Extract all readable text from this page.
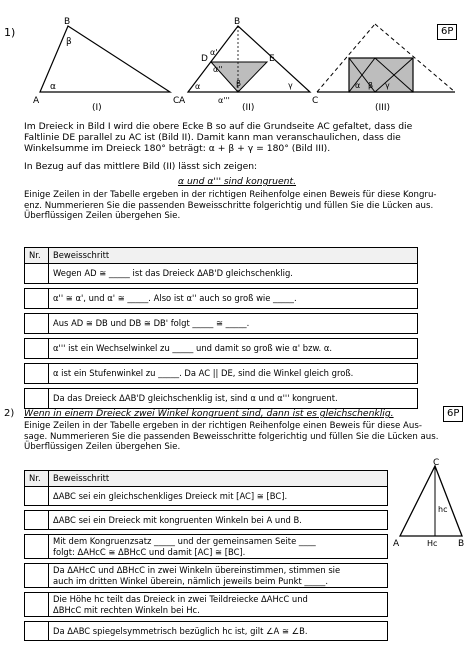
1)	6P
A
B
C
α
β
(I)
A
B
C
D	E
α
α'
α''
α'''
β	γ
(II)
α β γ
(III)
Im Dreieck in Bild I wird die obere Ecke B so auf die Grundseite AC gefaltet, dass die
Faltlinie DE parallel zu AC ist (Bild II). Damit kann man veranschaulichen, dass die
Winkelsumme im Dreieck 180° beträgt: α + β + γ = 180° (Bild III).
In Bezug auf das mittlere Bild (II) lässt sich zeigen:
α und α''' sind kongruent.
Einige Zeilen in der Tabelle ergeben in der richtigen Reihenfolge einen Beweis für diese Kongru-
enz. Nummerieren Sie die passenden Beweisschritte folgerichtig und füllen Sie die Lücken aus.
Überflüssigen Zeilen übergehen Sie.
Nr.	Beweisschritt
	Wegen AD ≅ _____ ist das Dreieck ΔAB'D gleichschenklig.

	α'' ≅ α', und α' ≅ _____. Also ist α'' auch so groß wie _____.

	Aus AD ≅ DB und DB ≅ DB' folgt _____ ≅ _____.

	α''' ist ein Wechselwinkel zu _____ und damit so groß wie α' bzw. α.

	α ist ein Stufenwinkel zu _____. Da AC || DE, sind die Winkel gleich groß.

	Da das Dreieck ΔAB'D gleichschenklig ist, sind α und α''' kongruent.
2) Wenn in einem Dreieck zwei Winkel kongruent sind, dann ist es gleichschenklig.	6P
Einige Zeilen in der Tabelle ergeben in der richtigen Reihenfolge einen Beweis für diese Aus-
sage. Nummerieren Sie die passenden Beweisschritte folgerichtig und füllen Sie die Lücken aus.
Überflüssigen Zeilen übergehen Sie.
Nr.	Beweisschritt
	ΔABC sei ein gleichschenkliges Dreieck mit [AC] ≅ [BC].

	ΔABC sei ein Dreieck mit kongruenten Winkeln bei A und B.

	Mit dem Kongruenzsatz _____ und der gemeinsamen Seite ____
folgt: ΔAHcC ≅ ΔBHcC und damit [AC] ≅ [BC].

	Da ΔAHcC und ΔBHcC in zwei Winkeln übereinstimmen, stimmen sie
auch im dritten Winkel überein, nämlich jeweils beim Punkt _____.

	Die Höhe hc teilt das Dreieck in zwei Teildreiecke ΔAHcC und
ΔBHcC mit rechten Winkeln bei Hc.

	Da ΔABC spiegelsymmetrisch bezüglich hc ist, gilt ∠A ≅ ∠B.
A	B
C
Hc
hc
